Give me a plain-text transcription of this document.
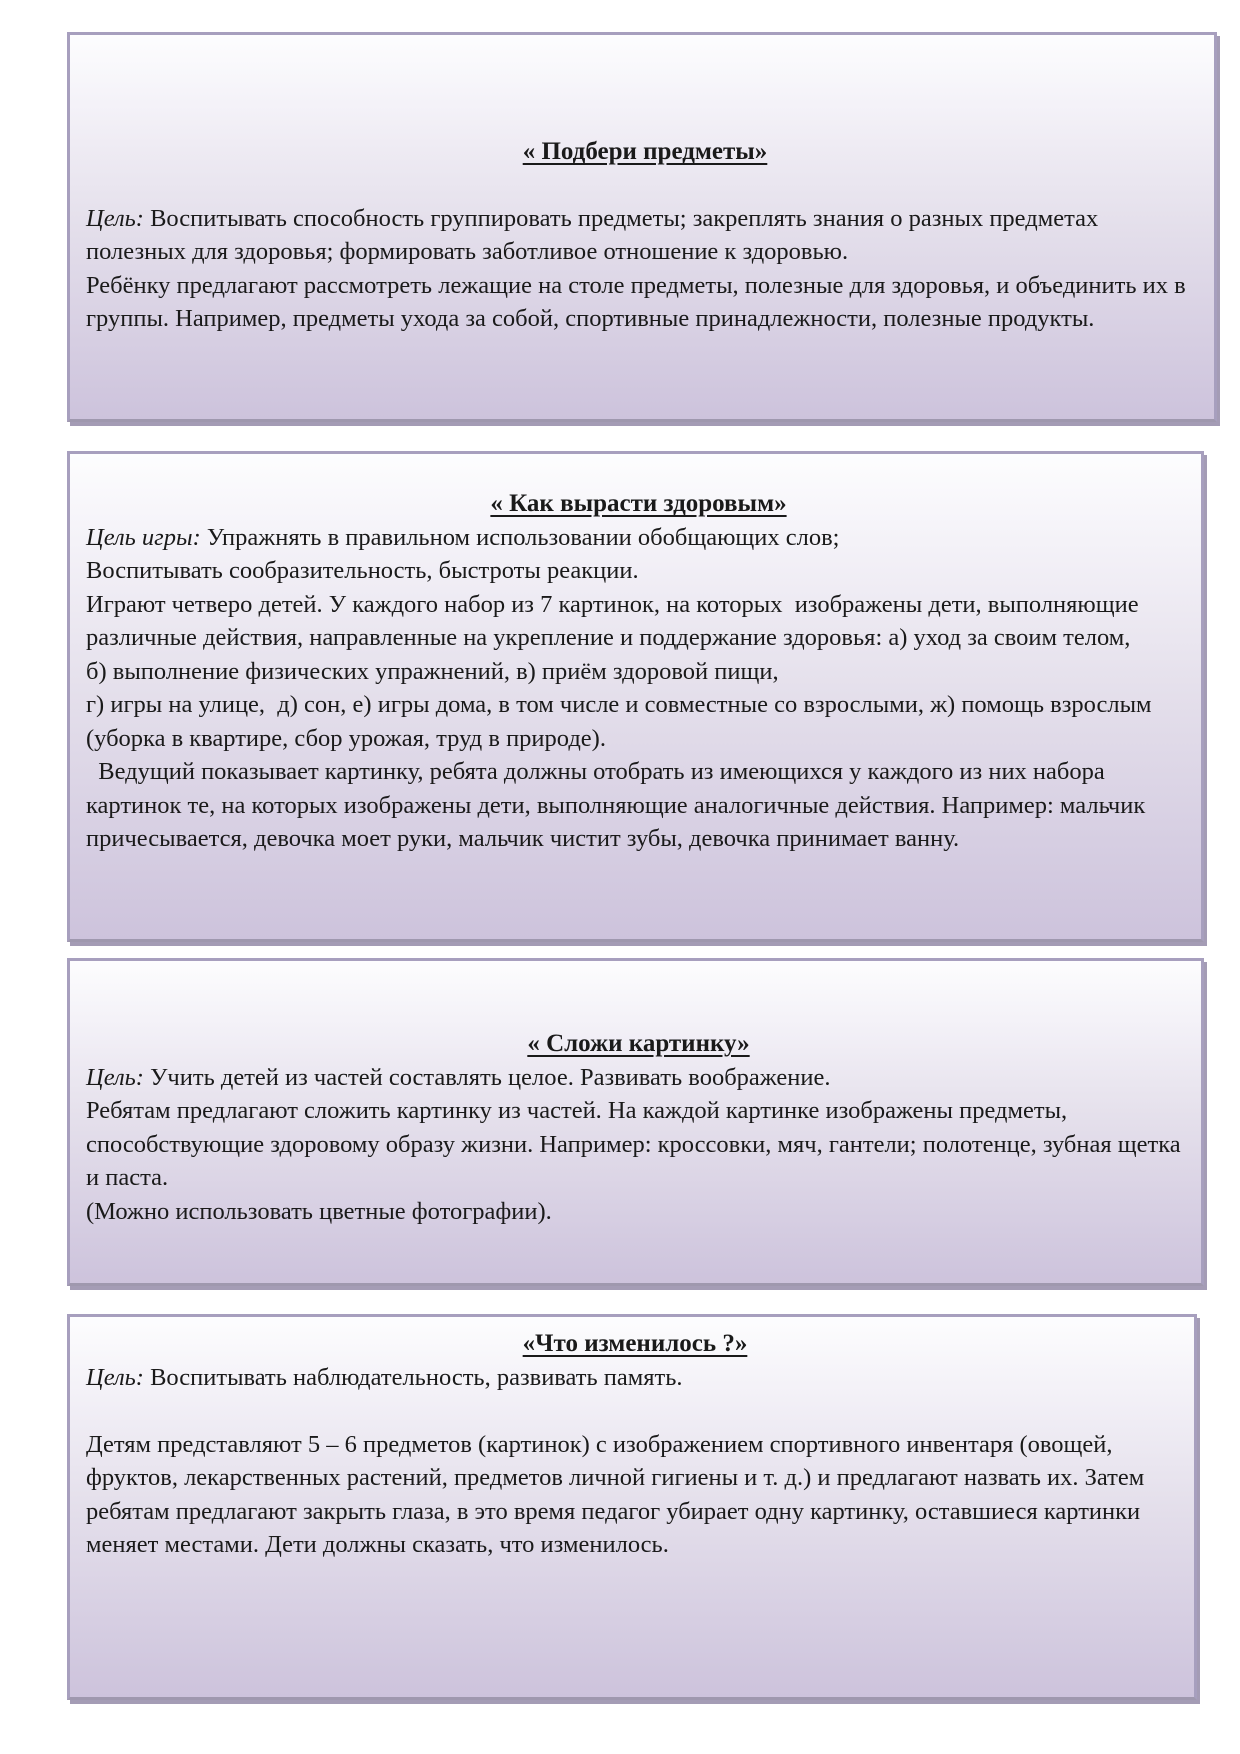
« Подбери предметы»
Цель: Воспитывать способность группировать предметы; закреплять знания о разных предметах полезных для здоровья; формировать заботливое отношение к здоровью.
Ребёнку предлагают рассмотреть лежащие на столе предметы, полезные для здоровья, и объединить их в группы. Например, предметы ухода за собой, спортивные принадлежности, полезные продукты.
« Как вырасти здоровым»
Цель игры: Упражнять в правильном использовании обобщающих слов;
Воспитывать сообразительность, быстроты реакции.
Играют четверо детей. У каждого набор из 7 картинок, на которых  изображены дети, выполняющие различные действия, направленные на укрепление и поддержание здоровья: а) уход за своим телом,
б) выполнение физических упражнений, в) приём здоровой пищи,
г) игры на улице,  д) сон, е) игры дома, в том числе и совместные со взрослыми, ж) помощь взрослым (уборка в квартире, сбор урожая, труд в природе).
Ведущий показывает картинку, ребята должны отобрать из имеющихся у каждого из них набора картинок те, на которых изображены дети, выполняющие аналогичные действия. Например: мальчик причесывается, девочка моет руки, мальчик чистит зубы, девочка принимает ванну.
« Сложи картинку»
Цель: Учить детей из частей составлять целое. Развивать воображение.
Ребятам предлагают сложить картинку из частей. На каждой картинке изображены предметы, способствующие здоровому образу жизни. Например: кроссовки, мяч, гантели; полотенце, зубная щетка и паста.
(Можно использовать цветные фотографии).
«Что изменилось ?»
Цель: Воспитывать наблюдательность, развивать память.
Детям представляют 5 – 6 предметов (картинок) с изображением спортивного инвентаря (овощей, фруктов, лекарственных растений, предметов личной гигиены и т. д.) и предлагают назвать их. Затем ребятам предлагают закрыть глаза, в это время педагог убирает одну картинку, оставшиеся картинки меняет местами. Дети должны сказать, что изменилось.
